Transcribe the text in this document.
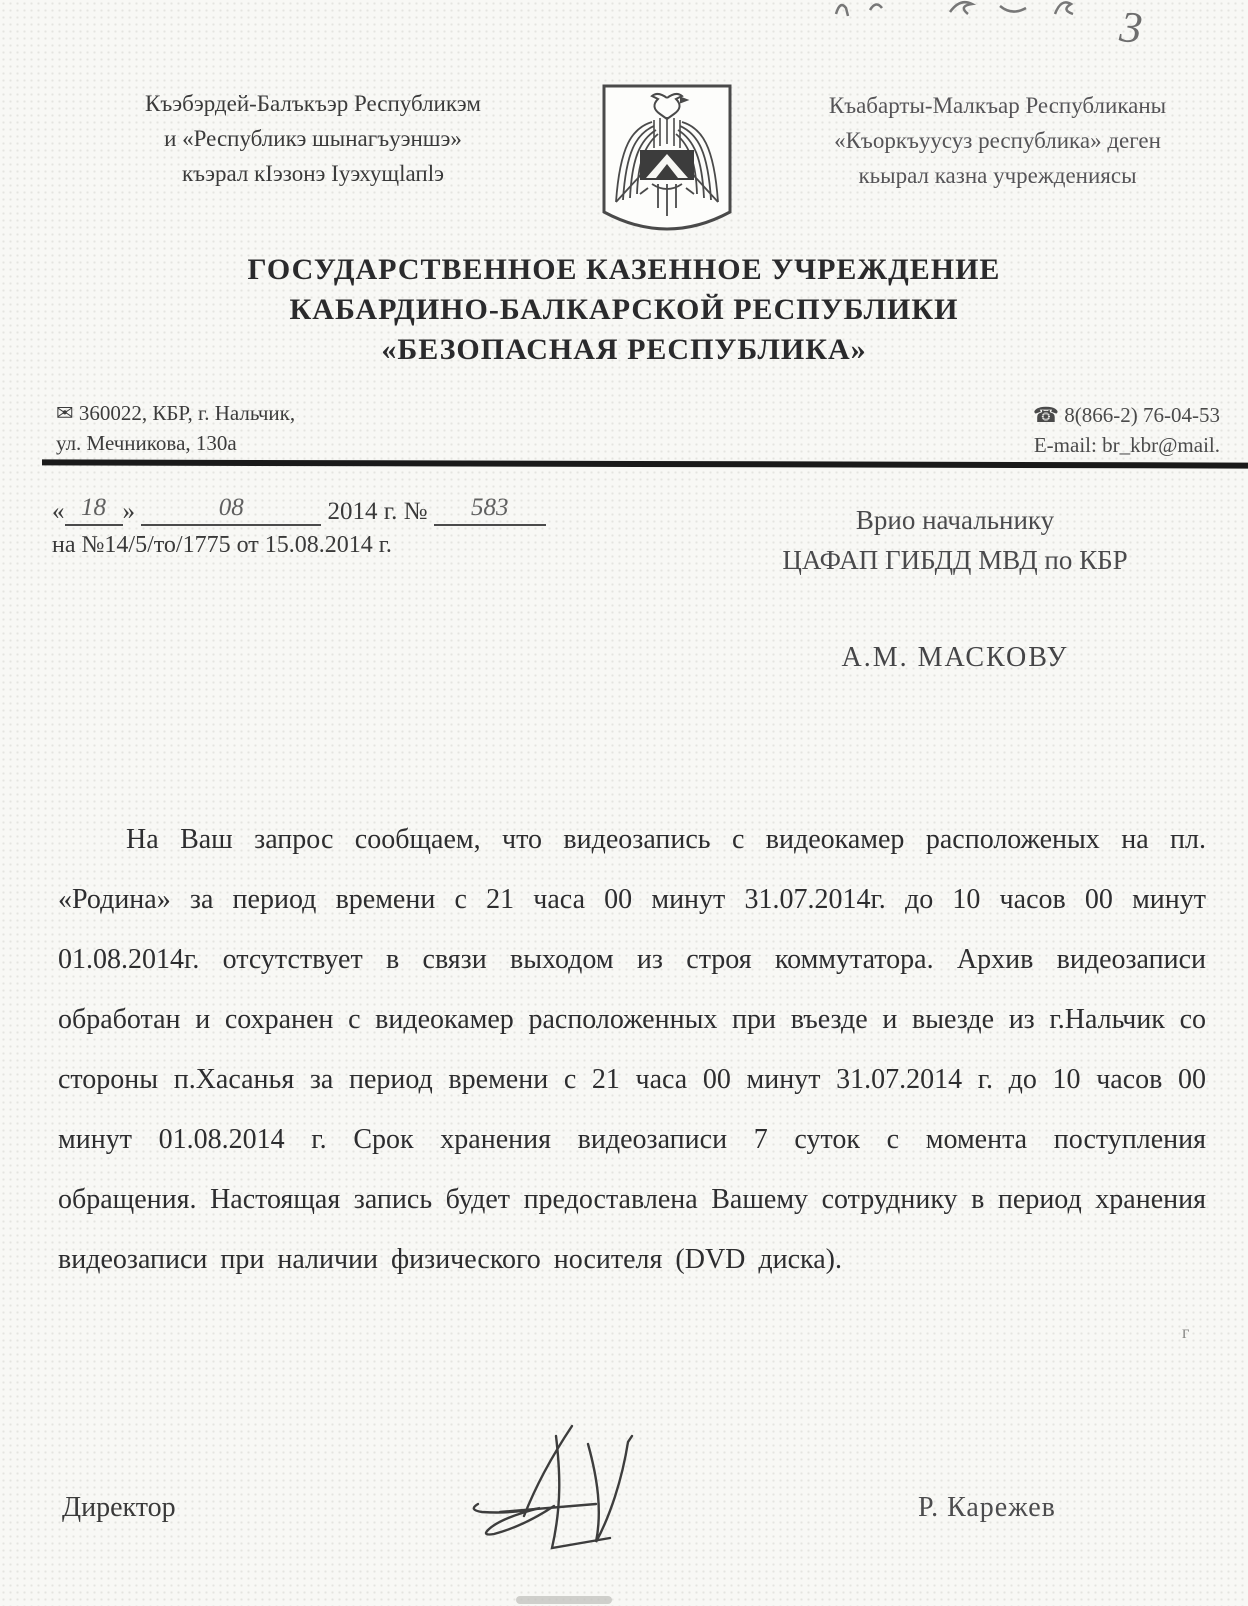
3
Къэбэрдей-Балъкъэр Республикэм
и «Республикэ шынагъуэншэ»
къэрал кIэзонэ Iуэхущlапlэ
Къабарты-Малкъар Республиканы
«Къоркъуусуз республика» деген
кьырал казна учреждениясы
ГОСУДАРСТВЕННОЕ КАЗЕННОЕ УЧРЕЖДЕНИЕ
КАБАРДИНО-БАЛКАРСКОЙ РЕСПУБЛИКИ
«БЕЗОПАСНАЯ РЕСПУБЛИКА»
✉ 360022, КБР, г. Нальчик,
ул. Мечникова, 130а
☎ 8(866-2) 76-04-53
E-mail: br_kbr@mail.
« 18 »	08	2014 г. № 583
на №14/5/то/1775 от 15.08.2014 г.
Врио начальнику
ЦАФАП ГИБДД МВД по КБР
А.М. МАСКОВУ

На Ваш запрос сообщаем, что видеозапись с видеокамер расположеных на пл. «Родина» за период времени с 21 часа 00 минут 31.07.2014г. до 10 часов 00 минут 01.08.2014г. отсутствует в связи выходом из строя коммутатора. Архив видеозаписи обработан и сохранен с видеокамер расположенных при въезде и выезде из г.Нальчик со стороны п.Хасанья за период времени с 21 часа 00 минут 31.07.2014 г. до 10 часов 00 минут 01.08.2014 г. Срок хранения видеозаписи 7 суток с момента поступления обращения. Настоящая запись будет предоставлена Вашему сотруднику в период хранения видеозаписи при наличии физического носителя (DVD диска).

г
Директор	Р. Карежев
